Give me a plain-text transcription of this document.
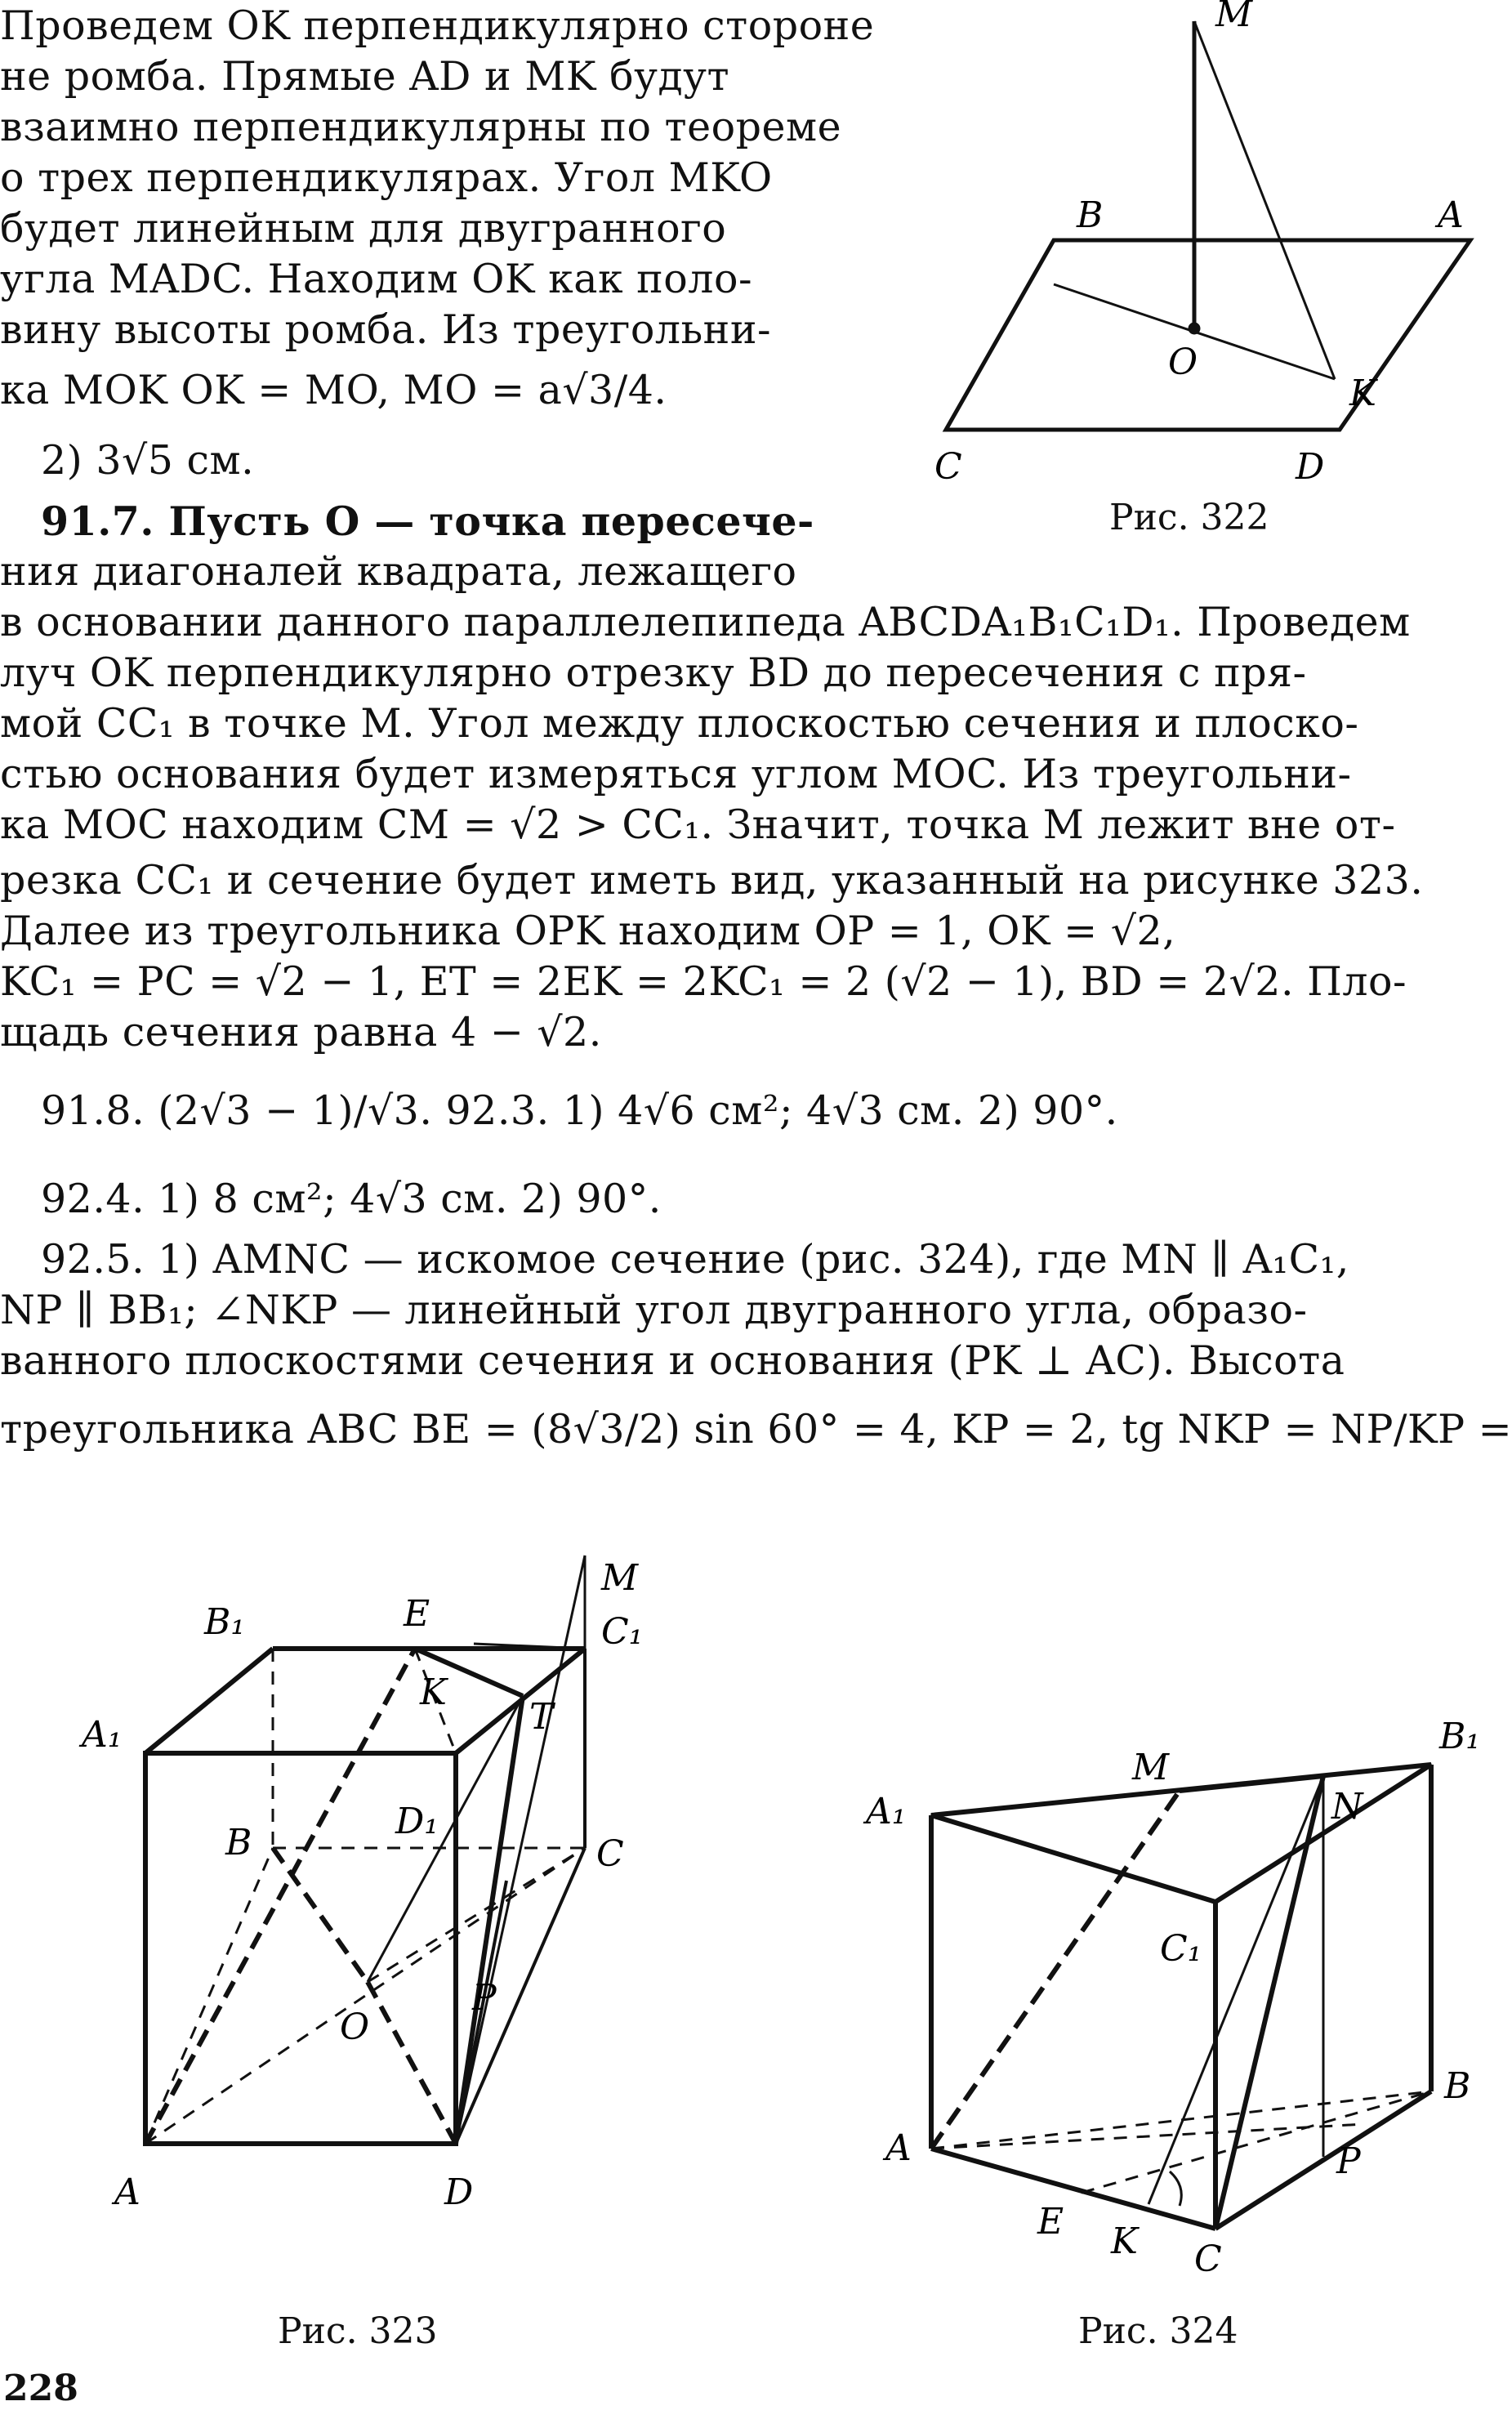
Проведем OK перпендикулярно стороне
не ромба. Прямые AD и MK будут
взаимно перпендикулярны по теореме
о трех перпендикулярах. Угол MKO
будет линейным для двугранного
угла MADC. Находим OK как поло-
вину высоты ромба. Из треугольни-
ка MOK OK = MO, MO = a√3/4.
2) 3√5 см.
91.7. Пусть O — точка пересече-
ния диагоналей квадрата, лежащего
в основании данного параллелепипеда ABCDA₁B₁C₁D₁. Проведем
луч OK перпендикулярно отрезку BD до пересечения с пря-
мой CC₁ в точке M. Угол между плоскостью сечения и плоско-
стью основания будет измеряться углом MOC. Из треугольни-
ка MOC находим CM = √2 > CC₁. Значит, точка M лежит вне от-
резка CC₁ и сечение будет иметь вид, указанный на рисунке 323.
Далее из треугольника OPK находим OP = 1, OK = √2,
KC₁ = PC = √2 − 1, ET = 2EK = 2KC₁ = 2 (√2 − 1), BD = 2√2. Пло-
щадь сечения равна 4 − √2.
91.8. (2√3 − 1)/√3. 92.3. 1) 4√6 см²; 4√3 см. 2) 90°.
92.4. 1) 8 см²; 4√3 см. 2) 90°.
92.5. 1) AMNC — искомое сечение (рис. 324), где MN ∥ A₁C₁,
NP ∥ BB₁; ∠NKP — линейный угол двугранного угла, образо-
ванного плоскостями сечения и основания (PK ⊥ AC). Высота
треугольника ABC BE = (8√3/2) sin 60° = 4, KP = 2, tg NKP = NP/KP =
M
B	A
O
K
C	D
Рис. 322
M
B₁	E	C₁
K
T
A₁
D₁
B	C
P
O
A	D
Рис. 323
M
B₁
A₁	N
C₁
B
A	P
E K C
Рис. 324
228
